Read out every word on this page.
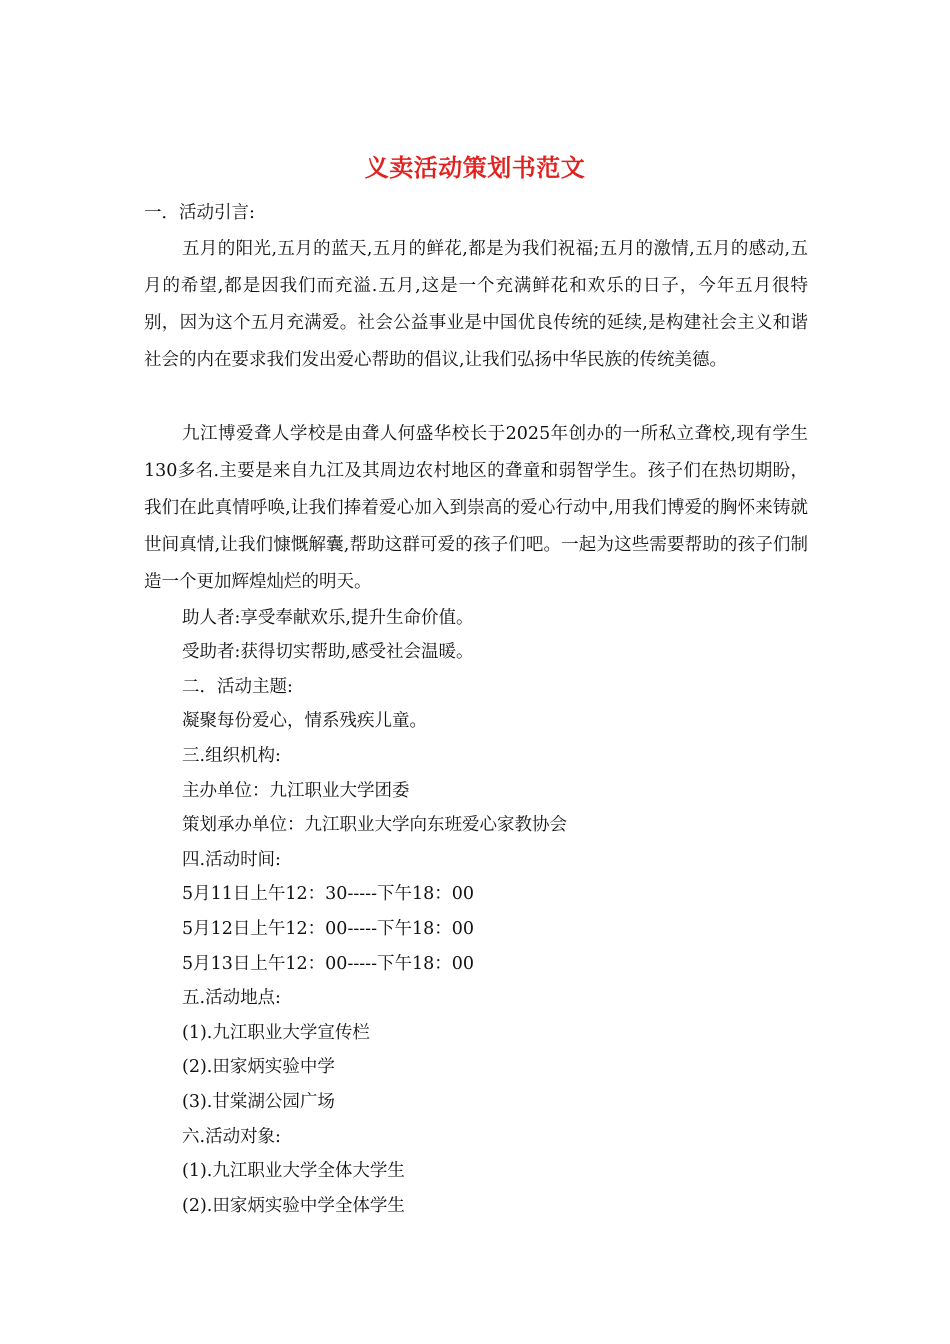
义卖活动策划书范文
一．活动引言:

五月的阳光,五月的蓝天,五月的鲜花,都是为我们祝福;五月的激情,五月的感动,五月的希望,都是因我们而充溢.五月,这是一个充满鲜花和欢乐的日子，今年五月很特别，因为这个五月充满爱。社会公益事业是中国优良传统的延续,是构建社会主义和谐社会的内在要求我们发出爱心帮助的倡议,让我们弘扬中华民族的传统美德。

九江博爱聋人学校是由聋人何盛华校长于2025年创办的一所私立聋校,现有学生130多名.主要是来自九江及其周边农村地区的聋童和弱智学生。孩子们在热切期盼，我们在此真情呼唤,让我们捧着爱心加入到崇高的爱心行动中,用我们博爱的胸怀来铸就世间真情,让我们慷慨解囊,帮助这群可爱的孩子们吧。一起为这些需要帮助的孩子们制造一个更加辉煌灿烂的明天。

助人者:享受奉献欢乐,提升生命价值。
受助者:获得切实帮助,感受社会温暖。
二．活动主题:
凝聚每份爱心，情系残疾儿童。
三.组织机构:
主办单位：九江职业大学团委
策划承办单位：九江职业大学向东班爱心家教协会
四.活动时间:
5月11日上午12：30-----下午18：00
5月12日上午12：00-----下午18：00
5月13日上午12：00-----下午18：00
五.活动地点:
(1).九江职业大学宣传栏
(2).田家炳实验中学
(3).甘棠湖公园广场
六.活动对象:
(1).九江职业大学全体大学生
(2).田家炳实验中学全体学生
